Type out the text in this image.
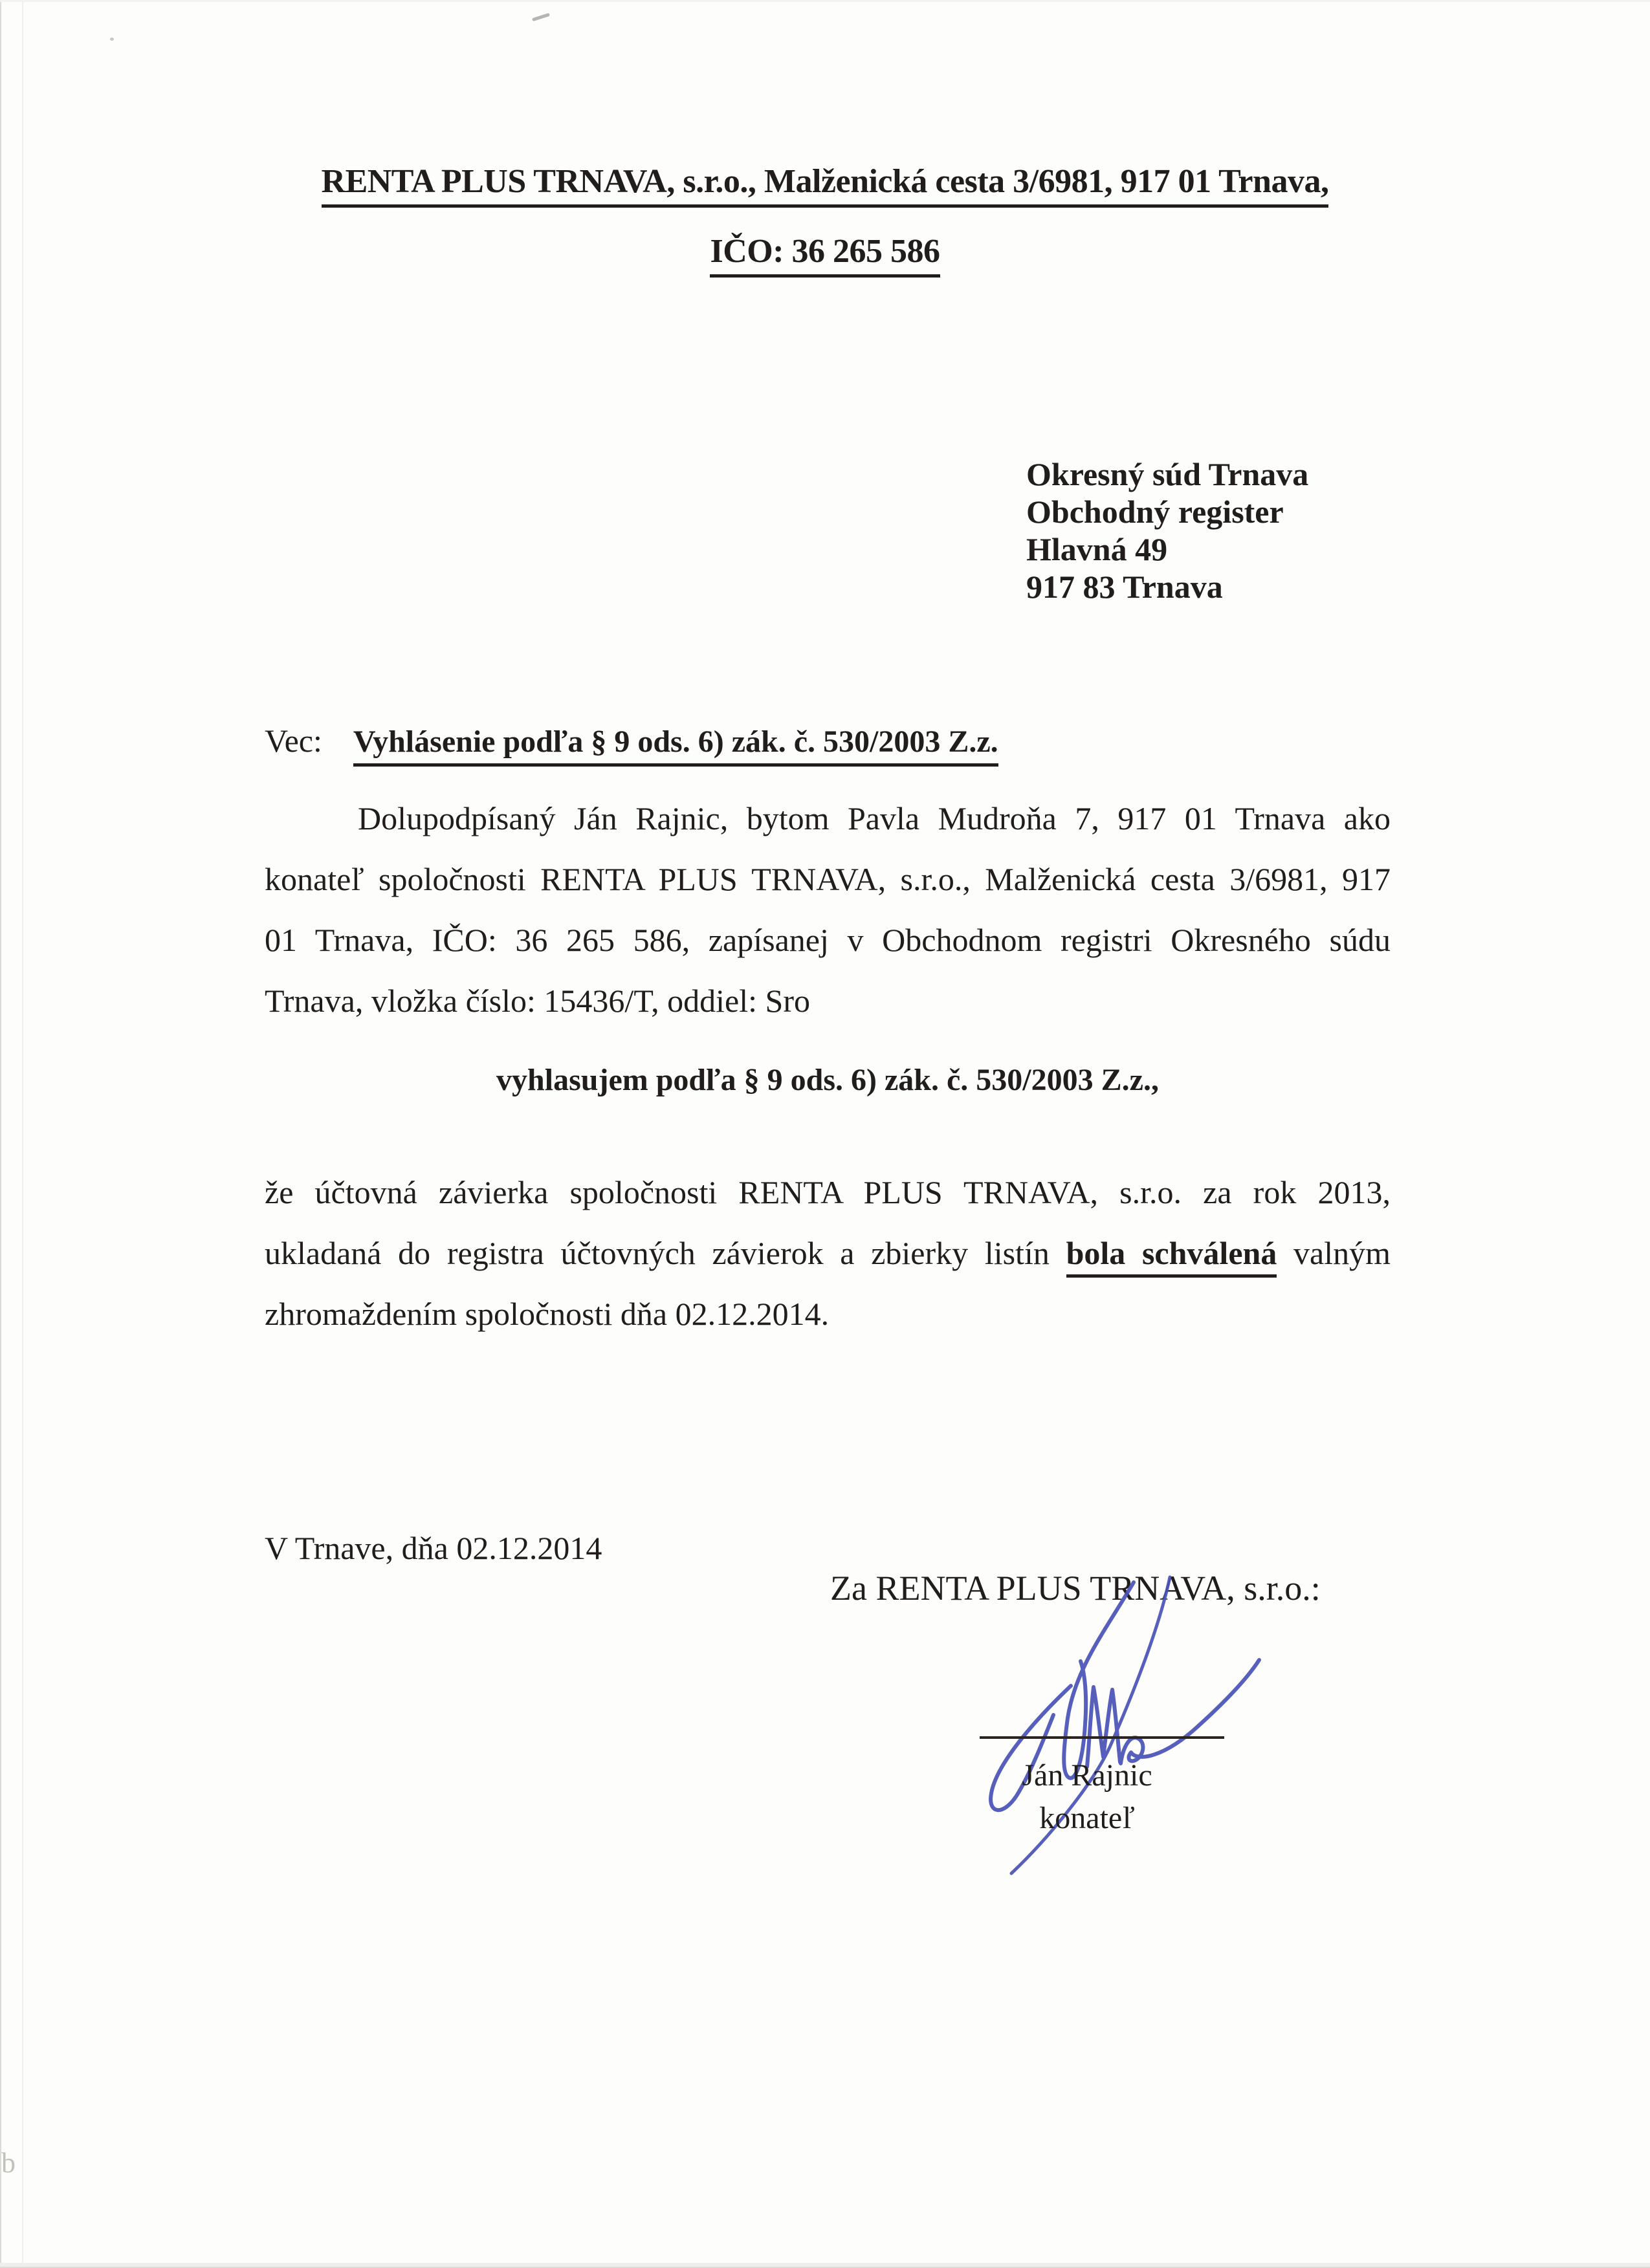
b
RENTA PLUS TRNAVA, s.r.o., Malženická cesta 3/6981, 917 01 Trnava,
IČO: 36 265 586
Okresný súd Trnava
Obchodný register
Hlavná 49
917 83 Trnava
Vec: Vyhlásenie podľa § 9 ods. 6) zák. č. 530/2003 Z.z.
Dolupodpísaný Ján Rajnic, bytom Pavla Mudroňa 7, 917 01 Trnava ako
konateľ spoločnosti RENTA PLUS TRNAVA, s.r.o., Malženická cesta 3/6981, 917
01 Trnava, IČO: 36 265 586, zapísanej v Obchodnom registri Okresného súdu
Trnava, vložka číslo: 15436/T, oddiel: Sro
vyhlasujem podľa § 9 ods. 6) zák. č. 530/2003 Z.z.,
že účtovná závierka spoločnosti RENTA PLUS TRNAVA, s.r.o. za rok 2013,
ukladaná do registra účtovných závierok a zbierky listín bola schválená valným
zhromaždením spoločnosti dňa 02.12.2014.
V Trnave, dňa 02.12.2014
Za RENTA PLUS TRNAVA, s.r.o.:
Ján Rajnic
konateľ
